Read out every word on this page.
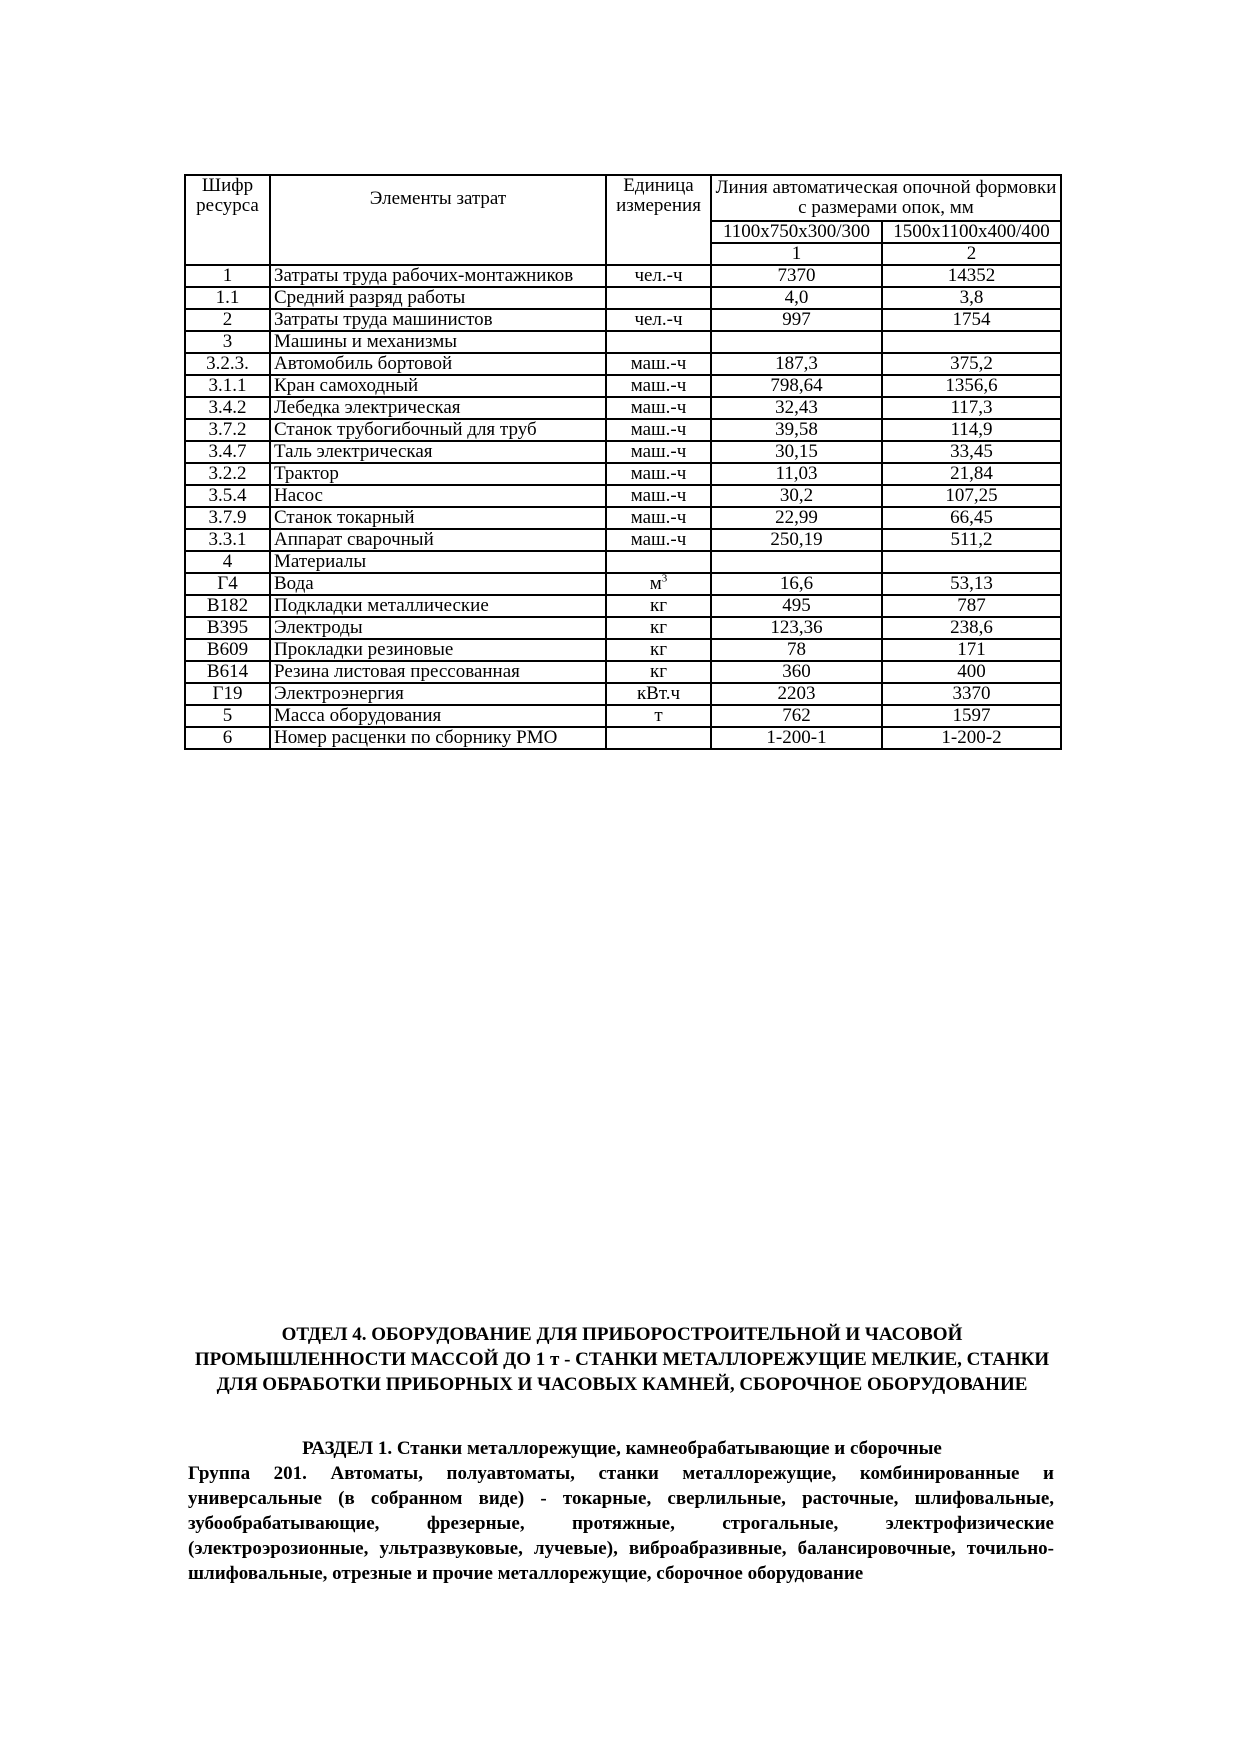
Шифр ресурса	Элементы затрат	Единица измерения	Линия автоматическая опочной формовки с размерами опок, мм	

			1100x750x300/300	1500x1100x400/400
			1	2
1	Затраты труда рабочих-монтажников	чел.-ч	7370	14352
1.1	Средний разряд работы		4,0	3,8
2	Затраты труда машинистов	чел.-ч	997	1754
3	Машины и механизмы			
3.2.3.	Автомобиль бортовой	маш.-ч	187,3	375,2
3.1.1	Кран самоходный	маш.-ч	798,64	1356,6
3.4.2	Лебедка электрическая	маш.-ч	32,43	117,3
3.7.2	Станок трубогибочный для труб	маш.-ч	39,58	114,9
3.4.7	Таль электрическая	маш.-ч	30,15	33,45
3.2.2	Трактор	маш.-ч	11,03	21,84
3.5.4	Насос	маш.-ч	30,2	107,25
3.7.9	Станок токарный	маш.-ч	22,99	66,45
3.3.1	Аппарат сварочный	маш.-ч	250,19	511,2
4	Материалы			
Г4	Вода	$м^3$	16,6	53,13
В182	Подкладки металлические	кг	495	787
В395	Электроды	кг	123,36	238,6
В609	Прокладки резиновые	кг	78	171
В614	Резина листовая прессованная	кг	360	400
Г19	Электроэнергия	кВт.ч	2203	3370
5	Масса оборудования	т	762	1597
6	Номер расценки по сборнику РМО		1-200-1	1-200-2
ОТДЕЛ 4. ОБОРУДОВАНИЕ ДЛЯ ПРИБОРОСТРОИТЕЛЬНОЙ И ЧАСОВОЙ ПРОМЫШЛЕННОСТИ МАССОЙ ДО 1 т - СТАНКИ МЕТАЛЛОРЕЖУЩИЕ МЕЛКИЕ, СТАНКИ ДЛЯ ОБРАБОТКИ ПРИБОРНЫХ И ЧАСОВЫХ КАМНЕЙ, СБОРОЧНОЕ ОБОРУДОВАНИЕ
РАЗДЕЛ 1. Станки металлорежущие, камнеобрабатывающие и сборочные
Группа 201. Автоматы, полуавтоматы, станки металлорежущие, комбинированные и универсальные (в собранном виде) - токарные, сверлильные, расточные, шлифовальные, зубообрабатывающие, фрезерные, протяжные, строгальные, электрофизические (электроэрозионные, ультразвуковые, лучевые), виброабразивные, балансировочные, точильно-шлифовальные, отрезные и прочие металлорежущие, сборочное оборудование
